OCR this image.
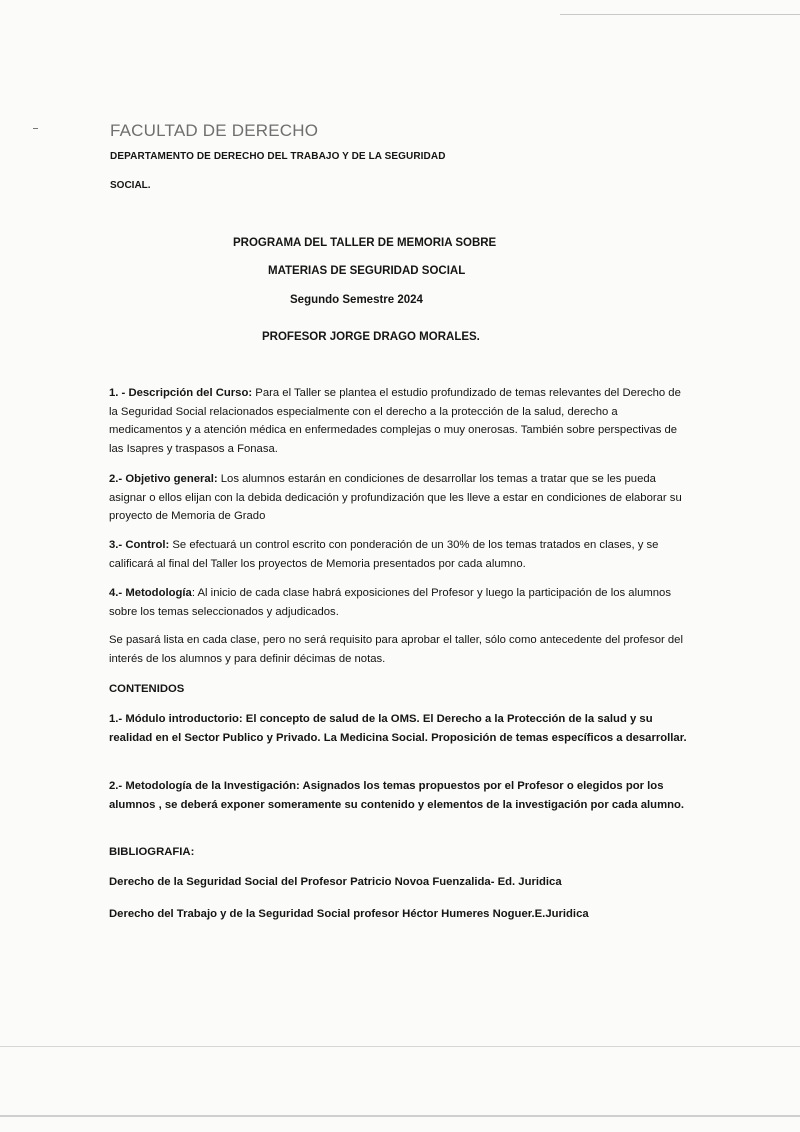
FACULTAD DE DERECHO
DEPARTAMENTO DE DERECHO DEL TRABAJO Y DE LA SEGURIDAD
SOCIAL.
PROGRAMA DEL TALLER DE MEMORIA SOBRE
MATERIAS DE SEGURIDAD SOCIAL
Segundo Semestre 2024
PROFESOR JORGE DRAGO MORALES.

1. - Descripción del Curso: Para el Taller se plantea el estudio profundizado de temas relevantes del Derecho de la Seguridad Social relacionados especialmente con el derecho a la protección de la salud, derecho a medicamentos y a atención médica en enfermedades complejas o muy onerosas. También sobre perspectivas de las Isapres y traspasos a Fonasa.

2.- Objetivo general: Los alumnos estarán en condiciones de desarrollar los temas a tratar que se les pueda asignar o ellos elijan con la debida dedicación y profundización que les lleve a estar en condiciones de elaborar su proyecto de Memoria de Grado

3.- Control: Se efectuará un control escrito con ponderación de un 30% de los temas tratados en clases, y se calificará al final del Taller los proyectos de Memoria presentados por cada alumno.

4.- Metodología: Al inicio de cada clase habrá exposiciones del Profesor y luego la participación de los alumnos sobre los temas seleccionados y adjudicados.

Se pasará lista en cada clase, pero no será requisito para aprobar el taller, sólo como antecedente del profesor del interés de los alumnos y para definir décimas de notas.
CONTENIDOS
1.- Módulo introductorio: El concepto de salud de la OMS. El Derecho a la Protección de la salud y su realidad en el Sector Publico y Privado. La Medicina Social. Proposición de temas específicos a desarrollar.
2.- Metodología de la Investigación: Asignados los temas propuestos por el Profesor o elegidos por los alumnos , se deberá exponer someramente su contenido y elementos de la investigación por cada alumno.
BIBLIOGRAFIA:
Derecho de la Seguridad Social del Profesor Patricio Novoa Fuenzalida- Ed. Juridica
Derecho del Trabajo y de la Seguridad Social profesor Héctor Humeres Noguer.E.Juridica
